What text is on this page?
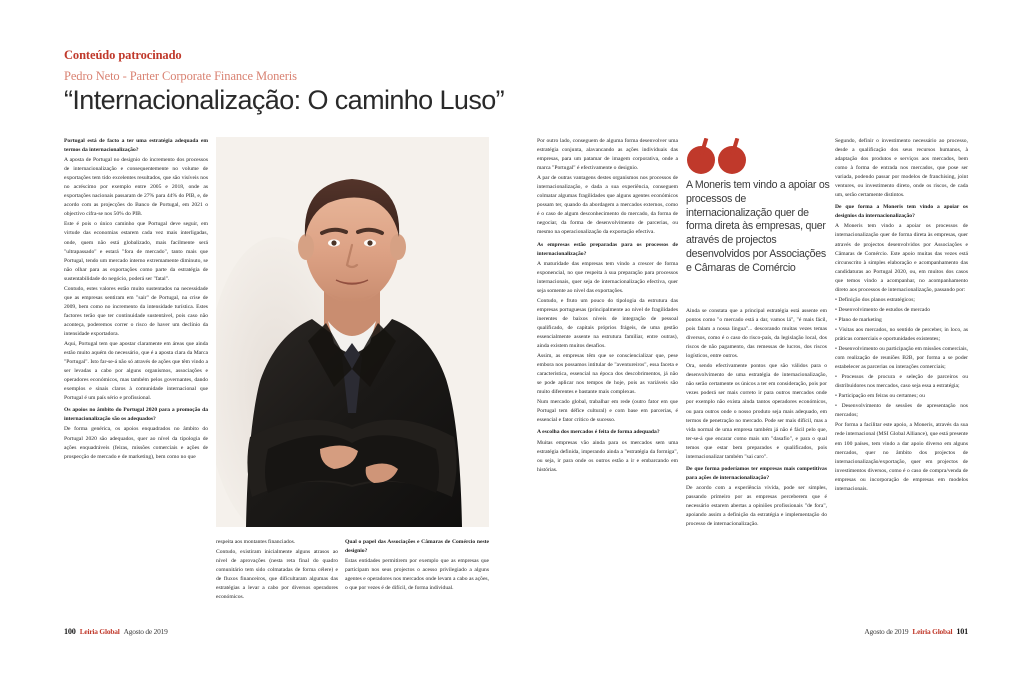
Conteúdo patrocinado
Pedro Neto - Parter Corporate Finance Moneris
“Internacionalização: O caminho Luso”

A Moneris tem vindo a apoiar os processos de internacionalização quer de forma direta às empresas, quer através de projectos desenvolvidos por Associações e Câmaras de Comércio

Portugal está de facto a ter uma estratégia adequada em termos da internacionalização?

A aposta de Portugal no designio do incremento dos processos de internacionalização e consequentemente no volume de exportações tem tido excelentes resultados, que são visíveis nos no acréscimo por exemplo entre 2005 e 2018, onde as exportações nacionais passaram de 27% para 44% do PIB, e, de acordo com as projecções do Banco de Portugal, em 2021 o objectivo cifra-se nos 50% do PIB.

Este é pois o único caminho que Portugal deve seguir, em virtude das economias estarem cada vez mais interligadas, onde, quem não está globalizado, mais facilmente será "ultrapassado" e estará "fora de mercado", tanto mais que Portugal, tendo um mercado interno extremamente diminuto, se não olhar para as exportações como parte da estratégia de sustentabilidade do negócio, poderá ser "fatal".

Contudo, estes valores estão muito sustentados na necessidade que as empresas sentiram em "sair" de Portugal, na crise de 2009, bem como no incremento da intensidade turística. Estes factores terão que ter continuidade sustentável, pois caso não aconteça, poderemos correr o risco de haver um declínio da intensidade exportadora.

Aqui, Portugal tem que apostar claramente em áreas que ainda estão muito aquém do necessário, que é a aposta clara da Marca "Portugal". Isto far-se-á não só através de ações que têm vindo a ser levadas a cabo por alguns organismos, associações e operadores económicos, mas também pelos governantes, dando exemplos e sinais claros à comunidade internacional que Portugal é um país sério e profissional.

Os apoios no âmbito do Portugal 2020 para a promoção da internacionalização são os adequados?

De forma genérica, os apoios enquadrados no âmbito do Portugal 2020 são adequados, quer ao nível da tipologia de ações enquadráveis (feiras, missões comerciais e ações de prospecção de mercado e de marketing), bem como no que

respeita aos montantes financiados.

Contudo, existiram inicialmente alguns atrasos ao nível de aprovações (nesta reta final do quadro comunitário tem sido colmatadas de forma célere) e de fluxos financeiros, que dificultaram algumas das estratégias a levar a cabo por diversos operadores económicos.

Qual o papel das Associações e Câmaras de Comércio neste designio?

Estas entidades permitirem por exemplo que as empresas que participam nos seus projectos o acesso privilegiado a alguns agentes e operadores nos mercados onde levam a cabo as ações, o que por vezes é de difícil, de forma individual.

Por outro lado, conseguem de alguma forma desenvolver uma estratégia conjunta, alavancando as ações individuais das empresas, para um patamar de imagem corporativa, onde a marca "Portugal" é efectivamente o designio.

A par de outras vantagens destes organismos nos processos de internacionalização, e dada a sua experiência, conseguem colmatar algumas fragilidades que alguns agentes económicos possam ter, quando da abordagem a mercados externos, como é o caso de algum desconhecimento do mercado, da forma de negociar, da forma de desenvolvimento de parcerias, ou mesmo na operacionalização da exportação efectiva.

As empresas estão preparadas para os processos de internacionalização?

A maturidade das empresas tem vindo a crescer de forma exponencial, no que respeita à sua preparação para processos internacionais, quer seja de internacionalização efectiva, quer seja somente ao nível das exportações.

Contudo, e fruto um pouco do tipologia da estrutura das empresas portuguesas (principalmente ao nível de fragilidades inerentes de baixos níveis de integração de pessoal qualificado, de capitais próprios frágeis, de uma gestão essencialmente assente na estrutura familiar, entre outras), ainda existem muitos desafios.

Assim, as empresas têm que se consciencializar que, pese embora nos possamos intitular de "aventureiros", essa faceta e caracteristica, essencial na época dos descobrimentos, já não se pode aplicar nos tempos de hoje, pois as variáveis são muito diferentes e bastante mais complexas.

Num mercado global, trabalhar em rede (outro fator em que Portugal tem défice cultural) e com base em parcerias, é essencial e fator crítico de sucesso.

A escolha dos mercados é feita de forma adequada?

Muitas empresas vão ainda para os mercados sem uma estratégia definida, imperando ainda a "estratégia da formiga", ou seja, ir para onde os outros estão a ir e embarcando em histórias.

Ainda se constata que a principal estratégia está assente em pontos como "o mercado está a dar, vamos lá", "é mais fácil, pois falam a nossa lingua"... descorando muitas vezes temas diversos, como é o caso do risco-país, da legislação local, dos riscos de não pagamento, das remessas de lucros, dos riscos logísticos, entre outros.

Ora, sendo efectivamente pontos que são válidos para o desenvolvimento de uma estratégia de internacionalização, não serão certamente os únicos a ter em consideração, pois por vezes poderá ser mais correto ir para outros mercados onde por exemplo não exista ainda tantos operadores económicos, ou para outros onde o nosso produto seja mais adequado, em termos de penetração no mercado. Pode ser mais difícil, mas a vida normal de uma empresa também já não é fácil pelo que, ter-se-á que encarar como mais um "dasafio", e para o qual temos que estar bem preparados e qualificados, pois internacionalizar também "sai caro".

De que forma poderíamos ter empresas mais competitivas para ações de internacionalização?

De acordo com a experiência vivida, pode ser simples, passando primeiro por as empresas perceberem que é necessário estarem abertas a opiniões profissionais "de fora", apoiando assim a definição da estratégia e implementação do processo de internacionalização.

Segundo, definir o investimento necessário ao processo, desde a qualificação dos seus recursos humanos, à adaptação dos produtos e serviços aos mercados, bem como à forma de entrada nos mercados, que pose ser variada, podendo passar por modelos de franchising, joint ventures, ou investimento direto, onde os riscos, de cada um, serão certamente distintos.

De que forma a Moneris tem vindo a apoiar os designios da internacionalização?

A Moneris tem vindo a apoiar os processos de internacionalização quer de forma direta às empresas, quer através de projectos desenvolvidos por Associações e Câmaras de Comércio. Este apoio muitas das vezes está circunscrito à simples elaboração e acompanhamento das candidaturas ao Portugal 2020, ou, em muitos dos casos que temos vindo a acompanhar, no acompanhamento direto aos processos de internacionalização, passando por:

• Definição dos planos estratégicos;

• Desenvolvimento de estudos de mercado

• Plano de marketing

• Visitas aos mercados, no sentido de perceber, in loco, as práticas comerciais e oportunidades existentes;

• Desenvolvimento ou participação em missões comerciais, com realização de reuniões B2B, por forma a se poder estabelecer as parcerias ou interações comerciais;

• Processos de procura e seleção de parceiros ou distribuidores nos mercados, caso seja essa a estratégia;

• Participação em feiras ou certames; ou

• Desenvolvimento de sessões de apresentação nos mercados;

Por forma a facilitar este apoio, a Moneris, através da sua rede internacional (MSI Global Alliance), que está presente em 100 países, tem vindo a dar apoio diverso em alguns mercados, quer no âmbito dos projectos de internacionalização/exportação, quer em projectos de investimentos diversos, como é o caso de compra/venda de empresas ou incorporação de empresas em modelos internacionais.

100 Leiria Global Agosto de 2019	Agosto de 2019 Leiria Global 101
